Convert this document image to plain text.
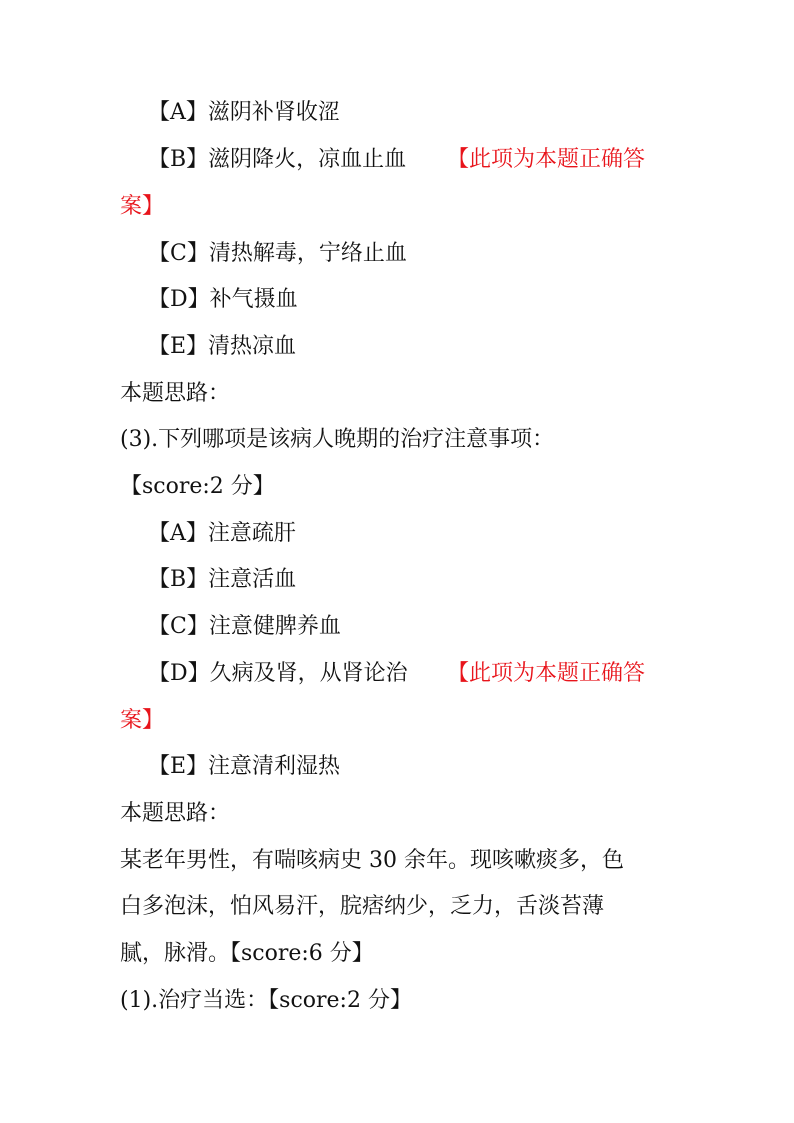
【A】滋阴补肾收涩
【B】滋阴降火，凉血止血 【此项为本题正确答
案】
【C】清热解毒，宁络止血
【D】补气摄血
【E】清热凉血
本题思路：
(3).下列哪项是该病人晚期的治疗注意事项：
【score:2 分】
【A】注意疏肝
【B】注意活血
【C】注意健脾养血
【D】久病及肾，从肾论治 【此项为本题正确答
案】
【E】注意清利湿热
本题思路：
某老年男性，有喘咳病史 30 余年。现咳嗽痰多，色
白多泡沫，怕风易汗，脘痞纳少，乏力，舌淡苔薄
腻，脉滑。【score:6 分】
(1).治疗当选：【score:2 分】
